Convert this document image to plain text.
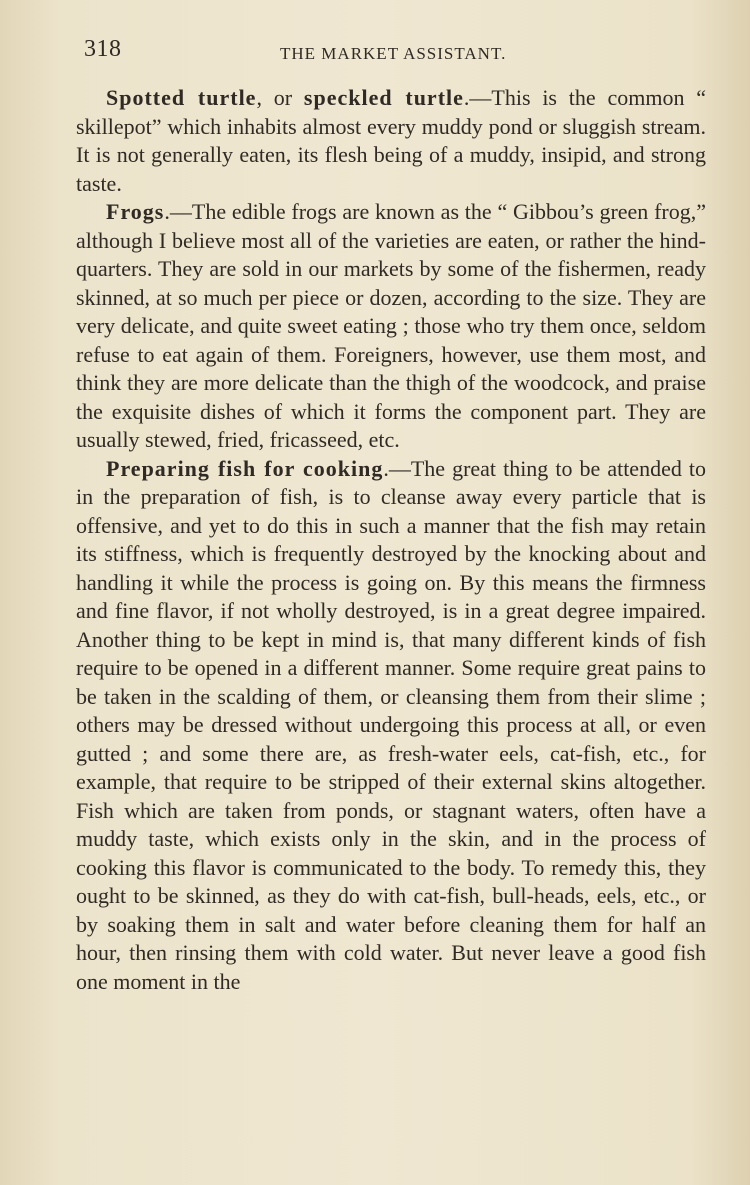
318	THE MARKET ASSISTANT.

Spotted turtle, or speckled turtle.—This is the common “ skillepot” which inhabits almost every muddy pond or sluggish stream. It is not generally eaten, its flesh being of a muddy, insipid, and strong taste.

Frogs.—The edible frogs are known as the “ Gibbou’s green frog,” although I believe most all of the varieties are eaten, or rather the hind-quarters. They are sold in our markets by some of the fishermen, ready skinned, at so much per piece or dozen, according to the size. They are very delicate, and quite sweet eating ; those who try them once, seldom refuse to eat again of them. Foreigners, however, use them most, and think they are more delicate than the thigh of the woodcock, and praise the exquisite dishes of which it forms the component part. They are usually stewed, fried, fricasseed, etc.

Preparing fish for cooking.—The great thing to be attended to in the preparation of fish, is to cleanse away every particle that is offensive, and yet to do this in such a manner that the fish may retain its stiffness, which is frequently destroyed by the knocking about and handling it while the process is going on. By this means the firmness and fine flavor, if not wholly destroyed, is in a great degree impaired. Another thing to be kept in mind is, that many different kinds of fish require to be opened in a different manner. Some require great pains to be taken in the scalding of them, or cleansing them from their slime ; others may be dressed without undergoing this process at all, or even gutted ; and some there are, as fresh-water eels, cat-fish, etc., for example, that require to be stripped of their external skins altogether. Fish which are taken from ponds, or stagnant waters, often have a muddy taste, which exists only in the skin, and in the process of cooking this flavor is communicated to the body. To remedy this, they ought to be skinned, as they do with cat-fish, bull-heads, eels, etc., or by soaking them in salt and water before cleaning them for half an hour, then rinsing them with cold water. But never leave a good fish one moment in the
